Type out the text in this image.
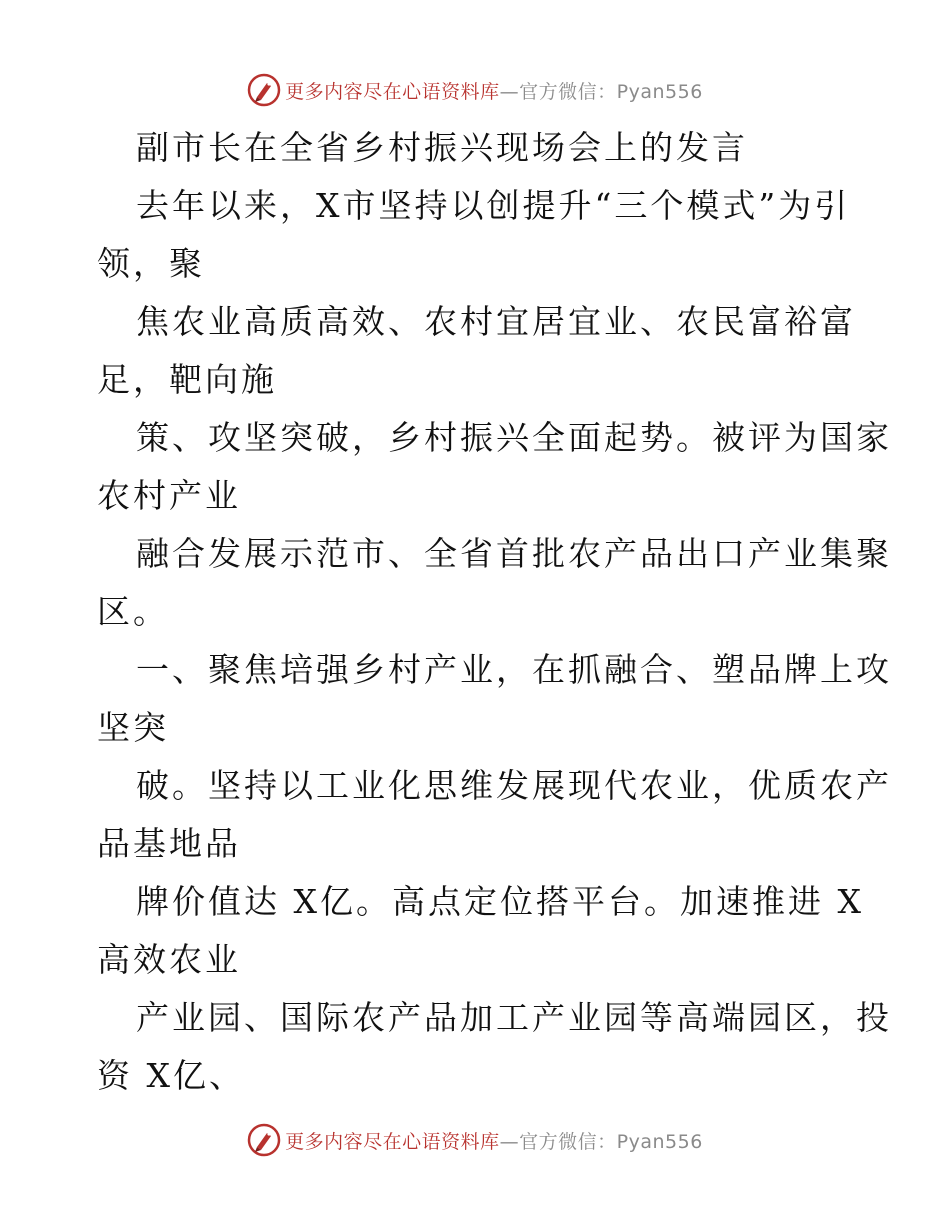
更多内容尽在心语资料库—官方微信：Pyan556

副市长在全省乡村振兴现场会上的发言

去年以来，X市坚持以创提升“三个模式”为引

领，聚

焦农业高质高效、农村宜居宜业、农民富裕富

足，靶向施

策、攻坚突破，乡村振兴全面起势。被评为国家

农村产业

融合发展示范市、全省首批农产品出口产业集聚

区。

一、聚焦培强乡村产业，在抓融合、塑品牌上攻

坚突

破。坚持以工业化思维发展现代农业，优质农产

品基地品

牌价值达 X亿。高点定位搭平台。加速推进 X

高效农业

产业园、国际农产品加工产业园等高端园区，投

资 X亿、

更多内容尽在心语资料库—官方微信：Pyan556
